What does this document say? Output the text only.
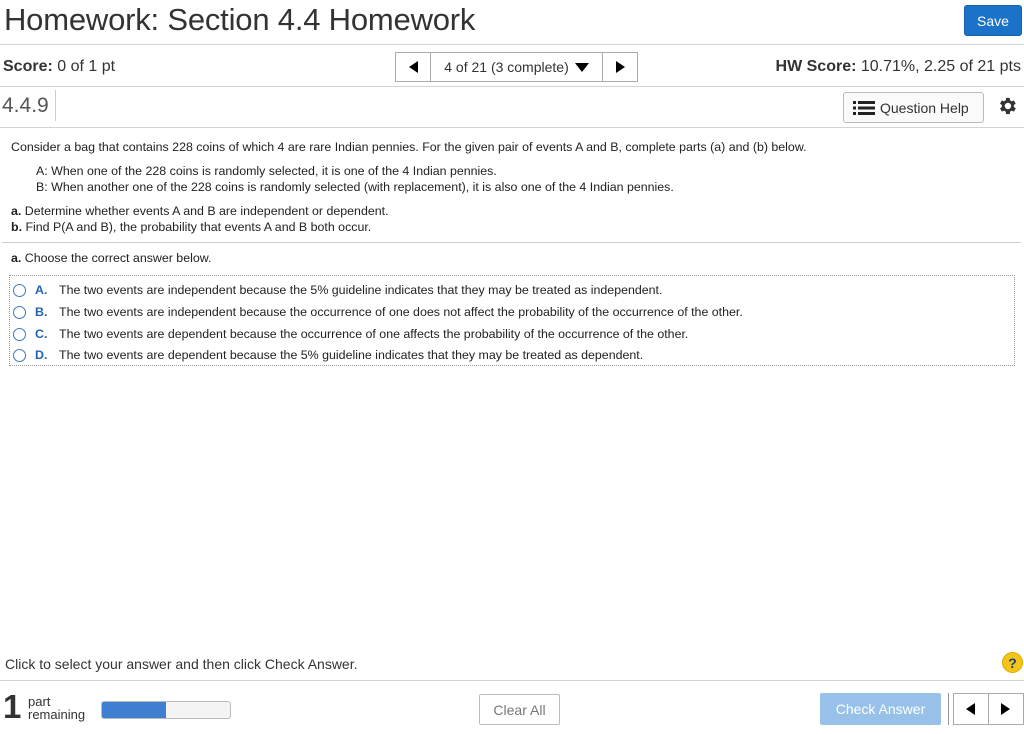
Homework: Section 4.4 Homework	Save
Score: 0 of 1 pt	4 of 21 (3 complete)	HW Score: 10.71%, 2.25 of 21 pts
4.4.9	Question Help
Consider a bag that contains 228 coins of which 4 are rare Indian pennies. For the given pair of events A and B, complete parts (a) and (b) below.
A: When one of the 228 coins is randomly selected, it is one of the 4 Indian pennies.
B: When another one of the 228 coins is randomly selected (with replacement), it is also one of the 4 Indian pennies.
a. Determine whether events A and B are independent or dependent.
b. Find P(A and B), the probability that events A and B both occur.
a. Choose the correct answer below.
A. The two events are independent because the 5% guideline indicates that they may be treated as independent.
B. The two events are independent because the occurrence of one does not affect the probability of the occurrence of the other.
C. The two events are dependent because the occurrence of one affects the probability of the occurrence of the other.
D. The two events are dependent because the 5% guideline indicates that they may be treated as dependent.
Click to select your answer and then click Check Answer.	?
1 part
remaining	Clear All	Check Answer
